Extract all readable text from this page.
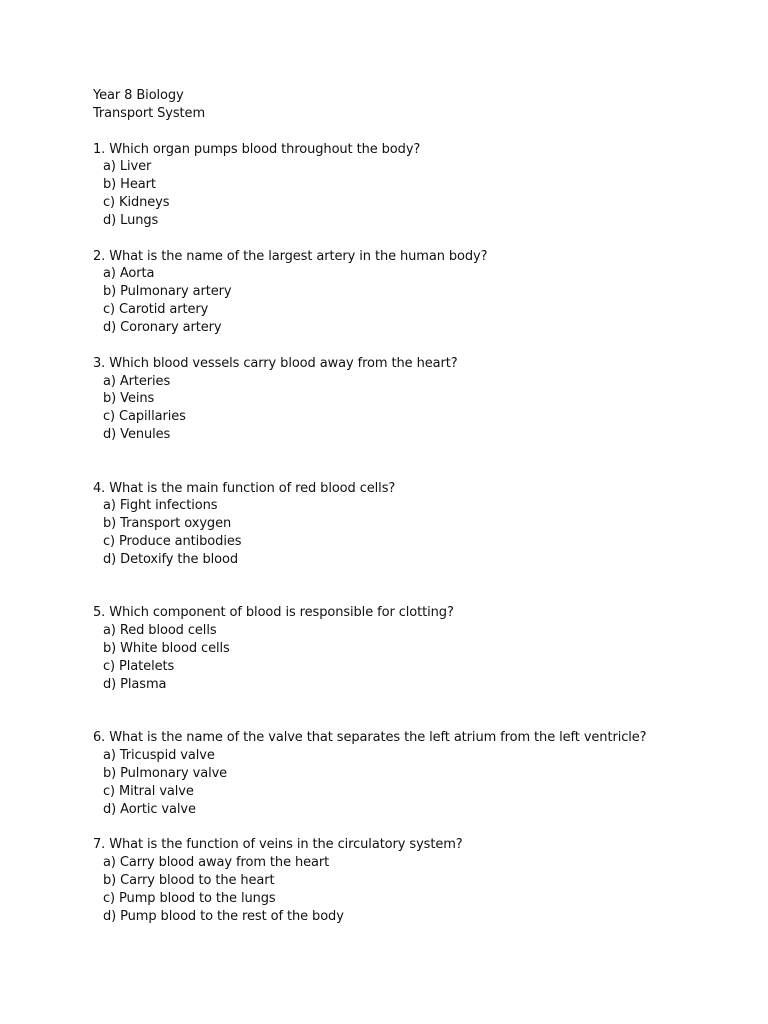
Year 8 Biology
Transport System
1. Which organ pumps blood throughout the body?
a) Liver
b) Heart
c) Kidneys
d) Lungs
2. What is the name of the largest artery in the human body?
a) Aorta
b) Pulmonary artery
c) Carotid artery
d) Coronary artery
3. Which blood vessels carry blood away from the heart?
a) Arteries
b) Veins
c) Capillaries
d) Venules
4. What is the main function of red blood cells?
a) Fight infections
b) Transport oxygen
c) Produce antibodies
d) Detoxify the blood
5. Which component of blood is responsible for clotting?
a) Red blood cells
b) White blood cells
c) Platelets
d) Plasma
6. What is the name of the valve that separates the left atrium from the left ventricle?
a) Tricuspid valve
b) Pulmonary valve
c) Mitral valve
d) Aortic valve
7. What is the function of veins in the circulatory system?
a) Carry blood away from the heart
b) Carry blood to the heart
c) Pump blood to the lungs
d) Pump blood to the rest of the body
